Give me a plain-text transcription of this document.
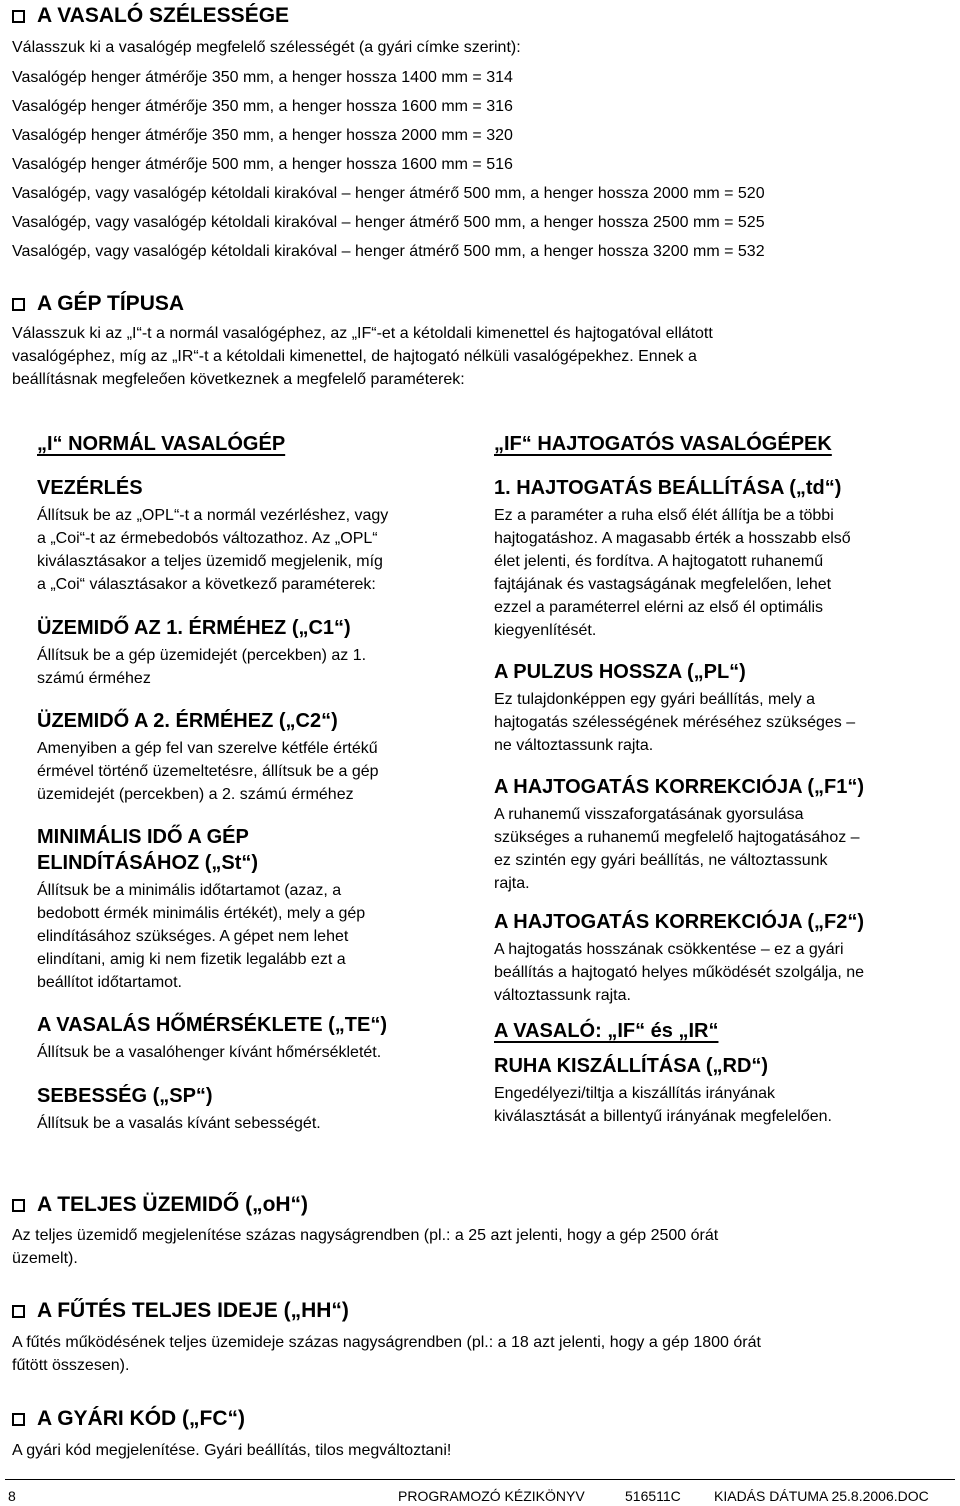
A VASALÓ SZÉLESSÉGE
Válasszuk ki a vasalógép megfelelő szélességét (a gyári címke szerint):
Vasalógép henger átmérője 350 mm, a henger hossza 1400 mm = 314
Vasalógép henger átmérője 350 mm, a henger hossza 1600 mm = 316
Vasalógép henger átmérője 350 mm, a henger hossza 2000 mm = 320
Vasalógép henger átmérője 500 mm, a henger hossza 1600 mm = 516
Vasalógép, vagy vasalógép kétoldali kirakóval – henger átmérő 500 mm, a henger hossza 2000 mm = 520
Vasalógép, vagy vasalógép kétoldali kirakóval – henger átmérő 500 mm, a henger hossza 2500 mm = 525
Vasalógép, vagy vasalógép kétoldali kirakóval – henger átmérő 500 mm, a henger hossza 3200 mm = 532
A GÉP TÍPUSA
Válasszuk ki az „I“-t a normál vasalógéphez, az „IF“-et a kétoldali kimenettel és hajtogatóval ellátott
vasalógéphez, míg az „IR“-t a kétoldali kimenettel, de hajtogató nélküli vasalógépekhez. Ennek a
beállításnak megfeleően következnek a megfelelő paraméterek:
„I“ NORMÁL VASALÓGÉP
VEZÉRLÉS
Állítsuk be az „OPL“-t a normál vezérléshez, vagy
a „Coi“-t az érmebedobós változathoz. Az „OPL“
kiválasztásakor a teljes üzemidő megjelenik, míg
a „Coi“ választásakor a következő paraméterek:
ÜZEMIDŐ AZ 1. ÉRMÉHEZ („C1“)
Állítsuk be a gép üzemidejét (percekben) az 1.
számú érméhez
ÜZEMIDŐ A 2. ÉRMÉHEZ („C2“)
Amenyiben a gép fel van szerelve kétféle értékű
érmével történő üzemeltetésre, állítsuk be a gép
üzemidejét (percekben) a 2. számú érméhez
MINIMÁLIS IDŐ A GÉP
ELINDÍTÁSÁHOZ („St“)
Állítsuk be a minimális időtartamot (azaz, a
bedobott érmék minimális értékét), mely a gép
elindításához szükséges. A gépet nem lehet
elindítani, amig ki nem fizetik legalább ezt a
beállítot időtartamot.
A VASALÁS HŐMÉRSÉKLETE („TE“)
Állítsuk be a vasalóhenger kívánt hőmérsékletét.
SEBESSÉG („SP“)
Állítsuk be a vasalás kívánt sebességét.
„IF“ HAJTOGATÓS VASALÓGÉPEK
1. HAJTOGATÁS BEÁLLÍTÁSA („td“)
Ez a paraméter a ruha első élét állítja be a többi
hajtogatáshoz. A magasabb érték a hosszabb első
élet jelenti, és fordítva. A hajtogatott ruhanemű
fajtájának és vastagságának megfelelően, lehet
ezzel a paraméterrel elérni az első él optimális
kiegyenlítését.
A PULZUS HOSSZA („PL“)
Ez tulajdonképpen egy gyári beállítás, mely a
hajtogatás szélességének méréséhez szükséges –
ne változtassunk rajta.
A HAJTOGATÁS KORREKCIÓJA („F1“)
A ruhanemű visszaforgatásának gyorsulása
szükséges a ruhanemű megfelelő hajtogatásához –
ez szintén egy gyári beállítás, ne változtassunk
rajta.
A HAJTOGATÁS KORREKCIÓJA („F2“)
A hajtogatás hosszának csökkentése – ez a gyári
beállítás a hajtogató helyes működését szolgálja, ne
változtassunk rajta.
A VASALÓ: „IF“ és „IR“
RUHA KISZÁLLÍTÁSA („RD“)
Engedélyezi/tiltja a kiszállítás irányának
kiválasztását a billentyű irányának megfelelően.
A TELJES ÜZEMIDŐ („oH“)
Az teljes üzemidő megjelenítése százas nagyságrendben (pl.: a 25 azt jelenti, hogy a gép 2500 órát
üzemelt).
A FŰTÉS TELJES IDEJE („HH“)
A fűtés működésének teljes üzemideje százas nagyságrendben (pl.: a 18 azt jelenti, hogy a gép 1800 órát
fűtött összesen).
A GYÁRI KÓD („FC“)
A gyári kód megjelenítése. Gyári beállítás, tilos megváltoztani!
8	PROGRAMOZÓ KÉZIKÖNYV	516511C KIADÁS DÁTUMA 25.8.2006.DOC
